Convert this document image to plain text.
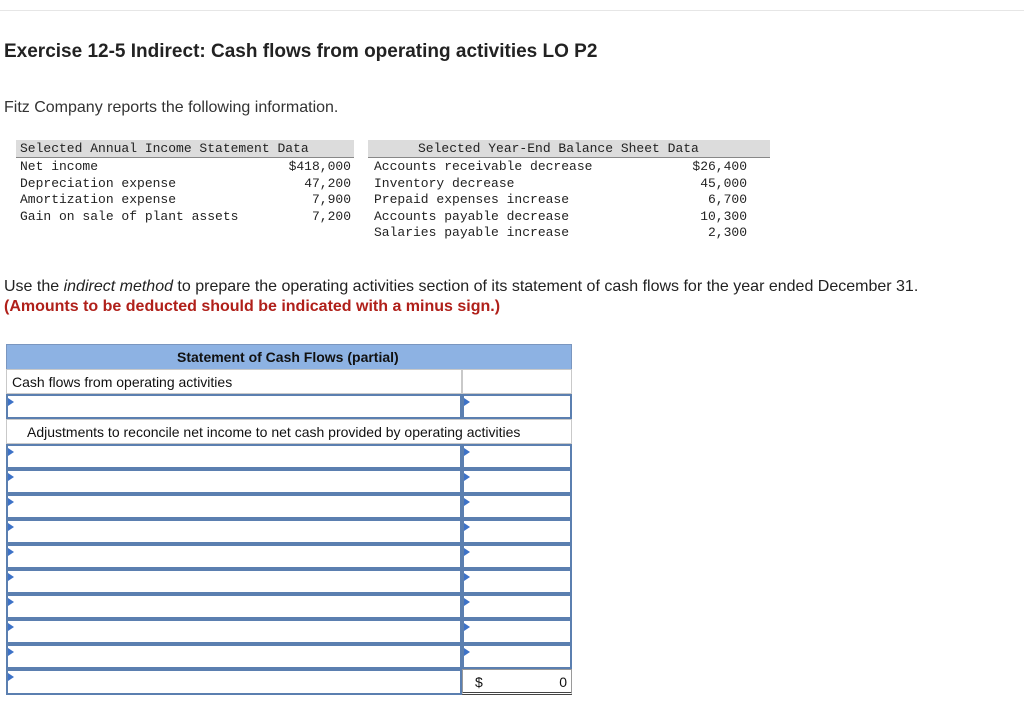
Exercise 12-5 Indirect: Cash flows from operating activities LO P2
Fitz Company reports the following information.
Selected Annual Income Statement Data	Selected Year-End Balance Sheet Data
Net income	$418,000
Depreciation expense	47,200
Amortization expense	7,900
Gain on sale of plant assets	7,200
Accounts receivable decrease	$26,400
Inventory decrease	45,000
Prepaid expenses increase	6,700
Accounts payable decrease	10,300
Salaries payable increase	2,300
Use the indirect method to prepare the operating activities section of its statement of cash flows for the year ended December 31.
(Amounts to be deducted should be indicated with a minus sign.)
Statement of Cash Flows (partial)
Cash flows from operating activities
Adjustments to reconcile net income to net cash provided by operating activities
$	0
